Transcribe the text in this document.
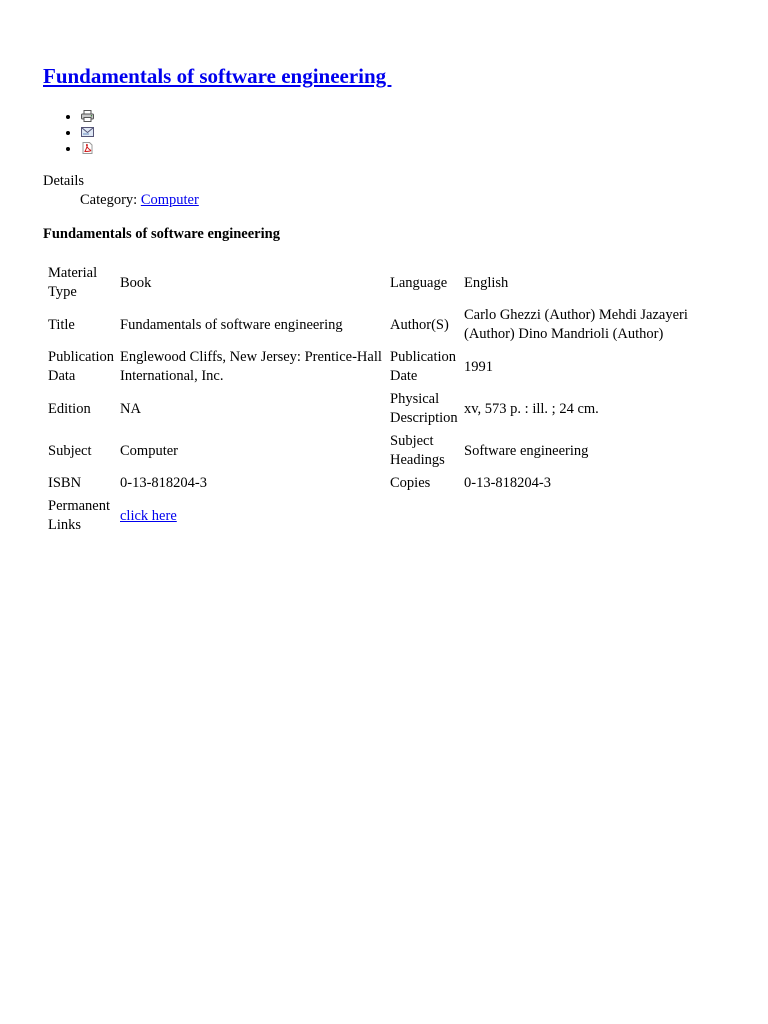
Fundamentals of software engineering
•
•
•
Details
Category: Computer
Fundamentals of software engineering
Material Type	Book	Language	English
Title	Fundamentals of software engineering	Author(S)	Carlo Ghezzi (Author) Mehdi Jazayeri (Author) Dino Mandrioli (Author)
Publication Data	Englewood Cliffs, New Jersey: Prentice-Hall International, Inc.	Publication Date	1991
Edition	NA	Physical Description	xv, 573 p. : ill. ; 24 cm.
Subject	Computer	Subject Headings	Software engineering
ISBN	0-13-818204-3	Copies	0-13-818204-3
Permanent Links	click here		
